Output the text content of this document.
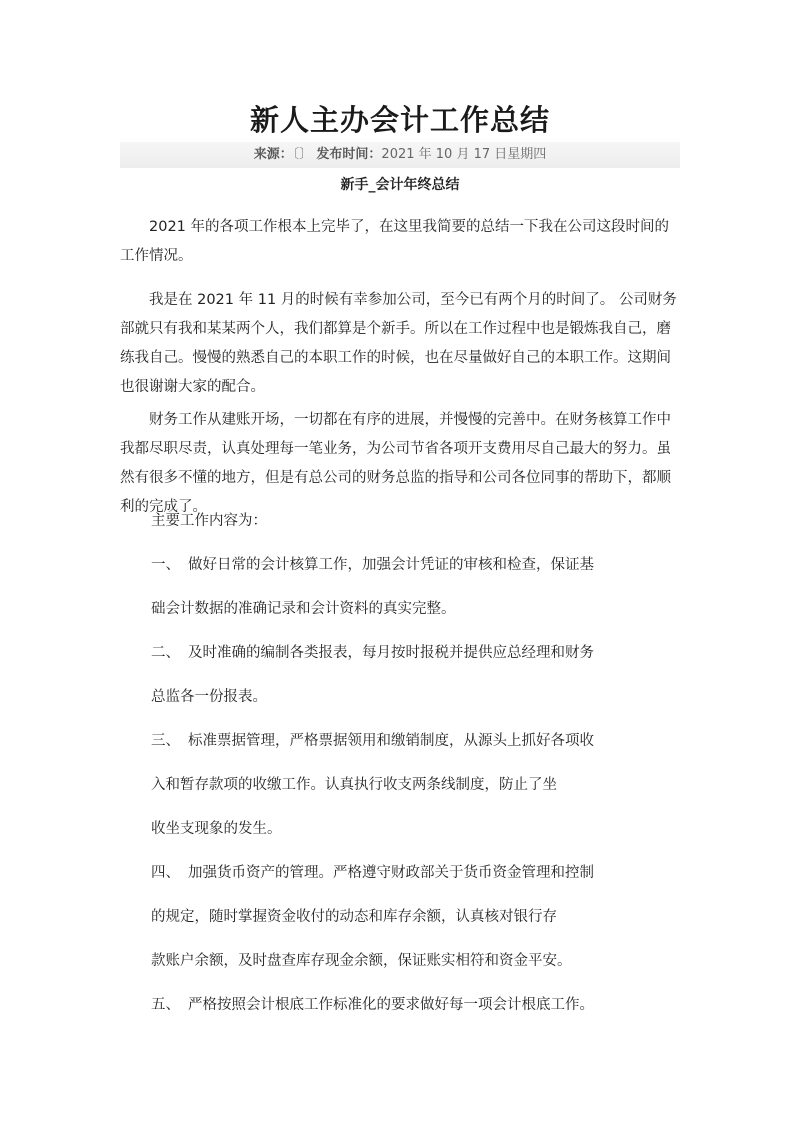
新人主办会计工作总结
来源：〔〕 发布时间：2021 年 10 月 17 日星期四
新手_会计年终总结

2021 年的各项工作根本上完毕了，在这里我简要的总结一下我在公司这段时间的工作情况。

我是在 2021 年 11 月的时候有幸参加公司，至今已有两个月的时间了。 公司财务部就只有我和某某两个人，我们都算是个新手。所以在工作过程中也是锻炼我自己，磨练我自己。慢慢的熟悉自己的本职工作的时候，也在尽量做好自己的本职工作。这期间也很谢谢大家的配合。

财务工作从建账开场，一切都在有序的进展，并慢慢的完善中。在财务核算工作中我都尽职尽责，认真处理每一笔业务，为公司节省各项开支费用尽自己最大的努力。虽然有很多不懂的地方，但是有总公司的财务总监的指导和公司各位同事的帮助下，都顺利的完成了。

主要工作内容为：
一、 做好日常的会计核算工作，加强会计凭证的审核和检查，保证基
础会计数据的准确记录和会计资料的真实完整。
二、 及时准确的编制各类报表，每月按时报税并提供应总经理和财务
总监各一份报表。
三、 标准票据管理，严格票据领用和缴销制度，从源头上抓好各项收
入和暂存款项的收缴工作。认真执行收支两条线制度，防止了坐
收坐支现象的发生。
四、 加强货币资产的管理。严格遵守财政部关于货币资金管理和控制
的规定，随时掌握资金收付的动态和库存余额，认真核对银行存
款账户余额，及时盘查库存现金余额，保证账实相符和资金平安。
五、 严格按照会计根底工作标准化的要求做好每一项会计根底工作。
